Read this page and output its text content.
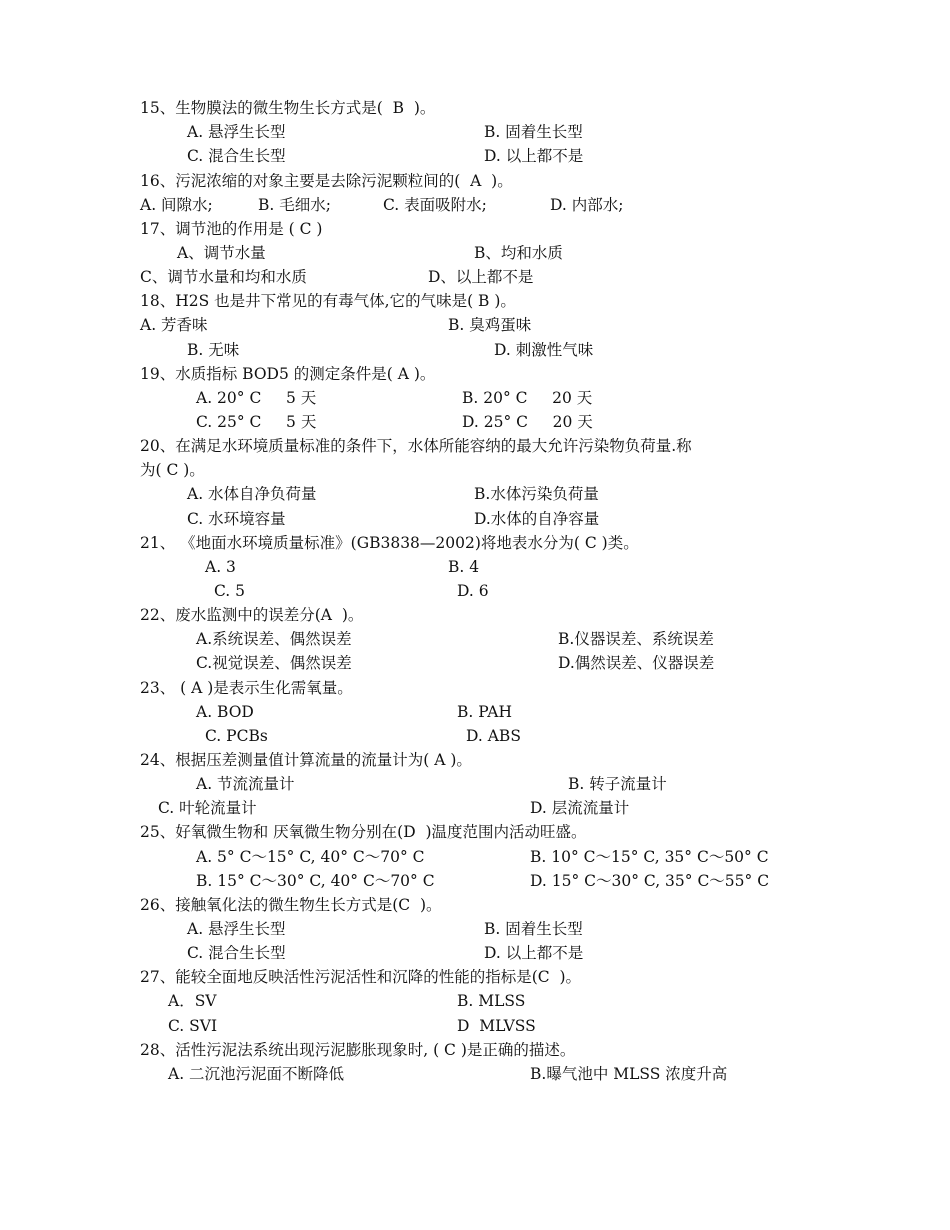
15、生物膜法的微生物生长方式是(  B  )。
A. 悬浮生长型	B. 固着生长型
C. 混合生长型	D. 以上都不是
16、污泥浓缩的对象主要是去除污泥颗粒间的(  A  )。
A. 间隙水;	B. 毛细水;	C. 表面吸附水;	D. 内部水;
17、调节池的作用是 ( C )
A、调节水量	B、均和水质
C、调节水量和均和水质	D、以上都不是
18、H2S 也是井下常见的有毒气体,它的气味是( B )。
A. 芳香味	B. 臭鸡蛋味
B. 无味	D. 刺激性气味
19、水质指标 BOD5 的测定条件是( A )。
A. 20° C     5 天	B. 20° C     20 天
C. 25° C     5 天	D. 25° C     20 天
20、在满足水环境质量标准的条件下，水体所能容纳的最大允许污染物负荷量.称
为( C )。
A. 水体自净负荷量	B.水体污染负荷量
C. 水环境容量	D.水体的自净容量
21、 《地面水环境质量标准》(GB3838—2002)将地表水分为( C )类。
A. 3	B. 4
C. 5	D. 6
22、废水监测中的误差分(A  )。
A.系统误差、偶然误差	B.仪器误差、系统误差
C.视觉误差、偶然误差	D.偶然误差、仪器误差
23、 ( A )是表示生化需氧量。
A. BOD	B. PAH
C. PCBs	D. ABS
24、根据压差测量值计算流量的流量计为( A )。
A. 节流流量计	B. 转子流量计
C. 叶轮流量计	D. 层流流量计
25、好氧微生物和 厌氧微生物分别在(D  )温度范围内活动旺盛。
A. 5° C～15° C, 40° C～70° C	B. 10° C～15° C, 35° C～50° C
B. 15° C～30° C, 40° C～70° C	D. 15° C～30° C, 35° C～55° C
26、接触氧化法的微生物生长方式是(C  )。
A. 悬浮生长型	B. 固着生长型
C. 混合生长型	D. 以上都不是
27、能较全面地反映活性污泥活性和沉降的性能的指标是(C  )。
A．SV	B. MLSS
C. SVI	D  MLVSS
28、活性污泥法系统出现污泥膨胀现象时, ( C )是正确的描述。
A. 二沉池污泥面不断降低	B.曝气池中 MLSS 浓度升高
